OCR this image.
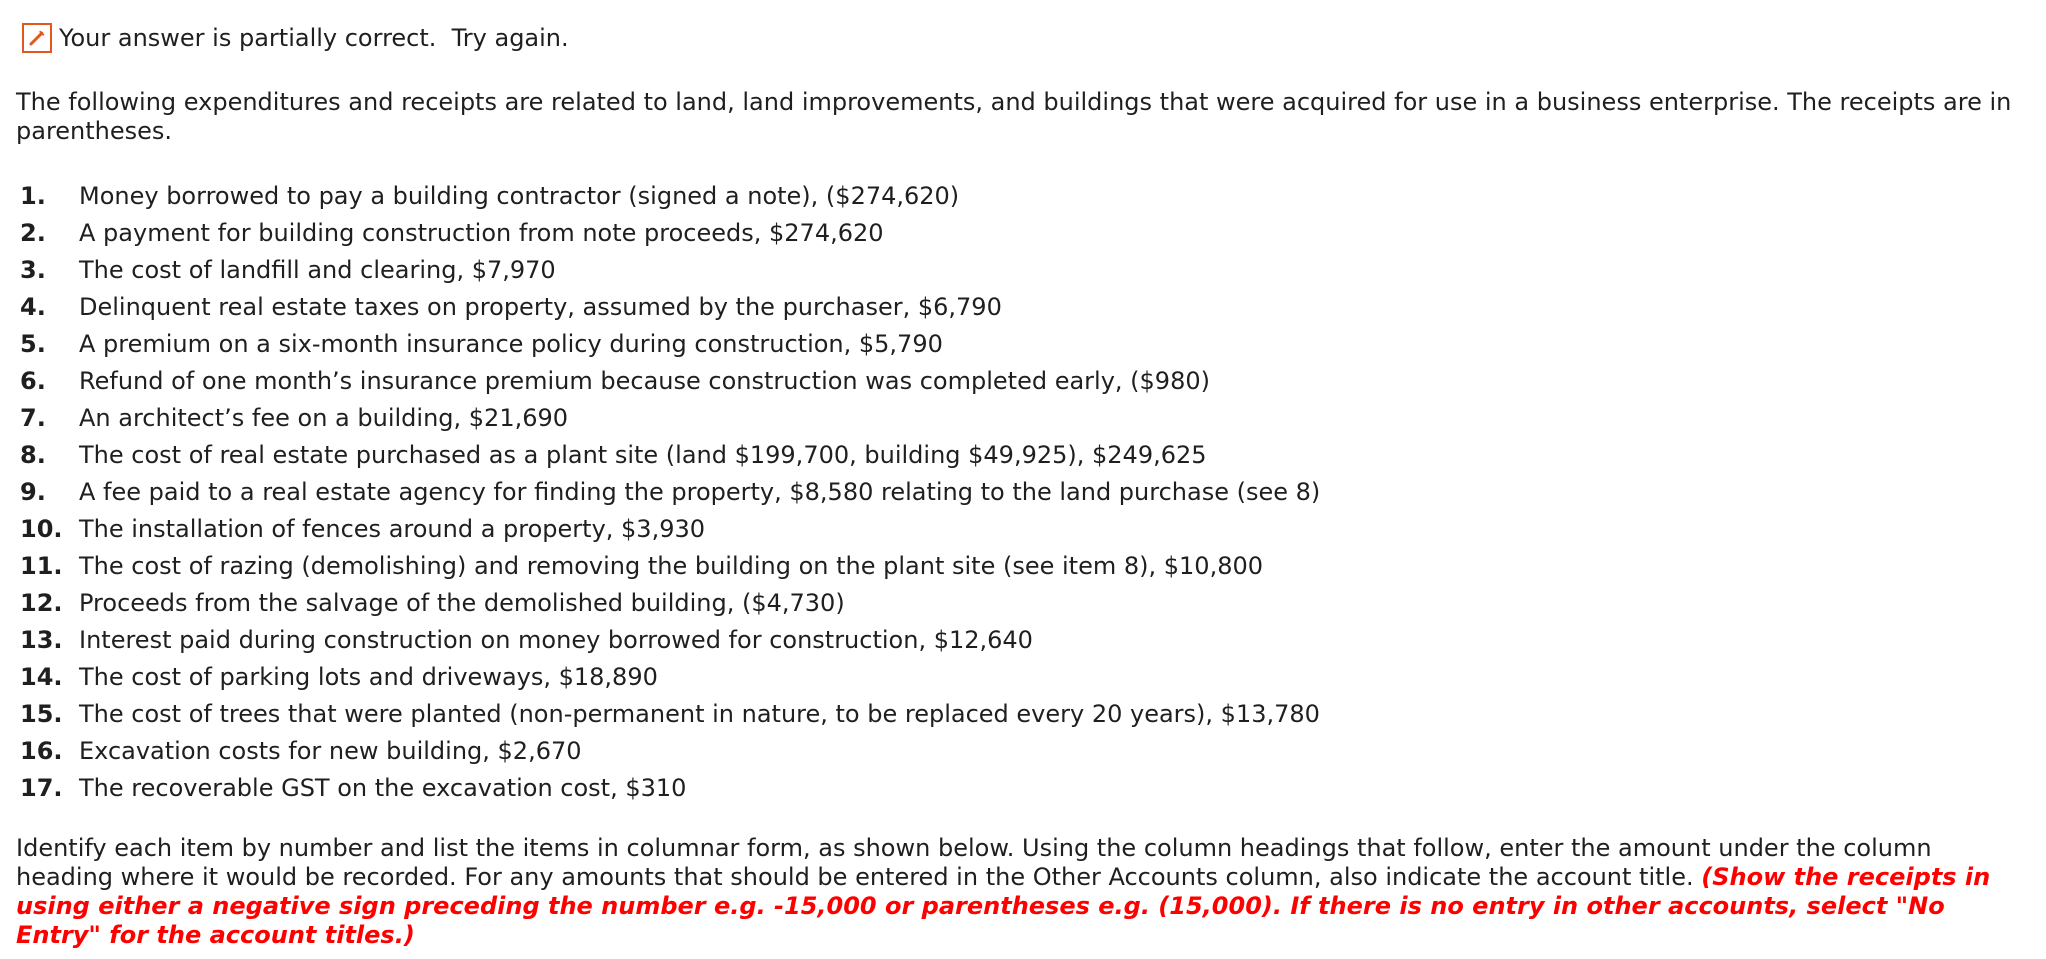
Your answer is partially correct.  Try again.
The following expenditures and receipts are related to land, land improvements, and buildings that were acquired for use in a business enterprise. The receipts are in parentheses.
1.	Money borrowed to pay a building contractor (signed a note), ($274,620)
2.	A payment for building construction from note proceeds, $274,620
3.	The cost of landfill and clearing, $7,970
4.	Delinquent real estate taxes on property, assumed by the purchaser, $6,790
5.	A premium on a six-month insurance policy during construction, $5,790
6.	Refund of one month’s insurance premium because construction was completed early, ($980)
7.	An architect’s fee on a building, $21,690
8.	The cost of real estate purchased as a plant site (land $199,700, building $49,925), $249,625
9.	A fee paid to a real estate agency for finding the property, $8,580 relating to the land purchase (see 8)
10. The installation of fences around a property, $3,930
11. The cost of razing (demolishing) and removing the building on the plant site (see item 8), $10,800
12. Proceeds from the salvage of the demolished building, ($4,730)
13. Interest paid during construction on money borrowed for construction, $12,640
14. The cost of parking lots and driveways, $18,890
15. The cost of trees that were planted (non-permanent in nature, to be replaced every 20 years), $13,780
16. Excavation costs for new building, $2,670
17. The recoverable GST on the excavation cost, $310
Identify each item by number and list the items in columnar form, as shown below. Using the column headings that follow, enter the amount under the column heading where it would be recorded. For any amounts that should be entered in the Other Accounts column, also indicate the account title. (Show the receipts in using either a negative sign preceding the number e.g. -15,000 or parentheses e.g. (15,000). If there is no entry in other accounts, select "No Entry" for the account titles.)
